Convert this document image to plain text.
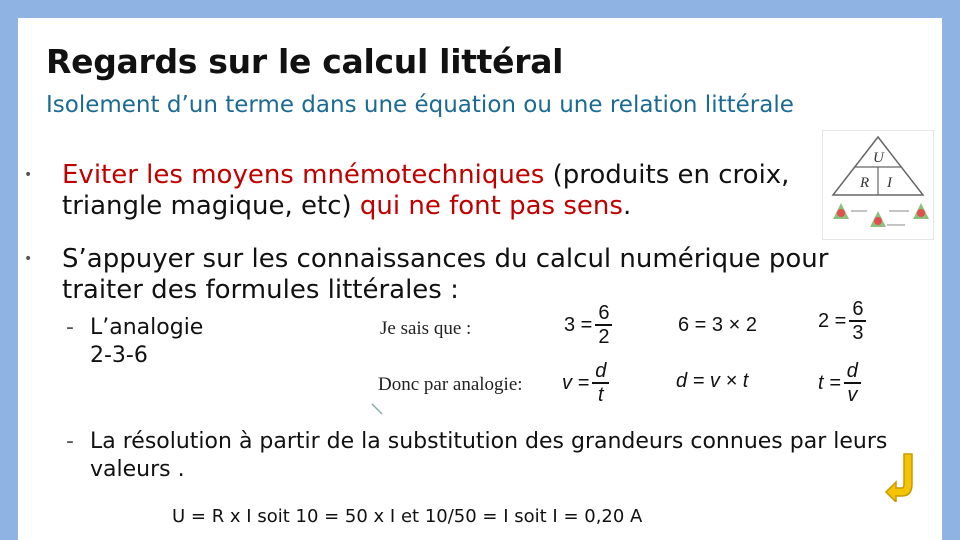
Regards sur le calcul littéral
Isolement d’un terme dans une équation ou une relation littérale
• Eviter les moyens mnémotechniques (produits en croix, triangle magique, etc) qui ne font pas sens.
• S’appuyer sur les connaissances du calcul numérique pour traiter des formules littérales :
- L’analogie 2-3-6
Je sais que :
Donc par analogie:
$3 = \frac{6}{2}$	6 = 3 × 2	$2 = \frac{6}{3}$
$v = \frac{d}{t}$	d = v × t	$t = \frac{d}{v}$
- La résolution à partir de la substitution des grandeurs connues par leurs valeurs .
U = R x I soit 10 = 50 x I et 10/50 = I soit I = 0,20 A
U
R I
